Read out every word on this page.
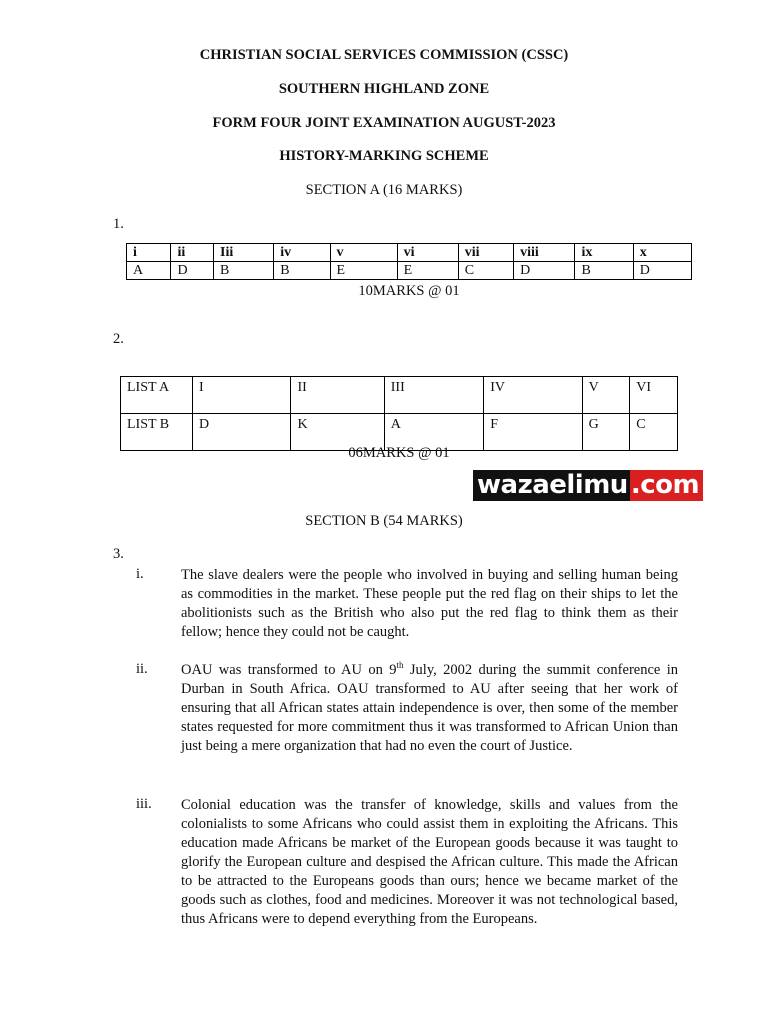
CHRISTIAN SOCIAL SERVICES COMMISSION (CSSC)
SOUTHERN HIGHLAND ZONE
FORM FOUR JOINT EXAMINATION AUGUST-2023
HISTORY-MARKING SCHEME
SECTION A (16 MARKS)
1.
i	ii	Iii	iv	v	vi	vii	viii	ix	x
A	D	B	B	E	E	C	D	B	D
10MARKS @ 01
2.
LIST A	I	II	III	IV	V	VI
LIST B	D	K	A	F	G	C
06MARKS @ 01
wazaelimu .com
SECTION B (54 MARKS)
3.
i.	The slave dealers were the people who involved in buying and selling human being as commodities in the market. These people put the red flag on their ships to let the abolitionists such as the British who also put the red flag to think them as their fellow; hence they could not be caught.
ii. OAU was transformed to AU on 9th July, 2002 during the summit conference in Durban in South Africa. OAU transformed to AU after seeing that her work of ensuring that all African states attain independence is over, then some of the member states requested for more commitment thus it was transformed to African Union than just being a mere organization that had no even the court of Justice.
iii. Colonial education was the transfer of knowledge, skills and values from the colonialists to some Africans who could assist them in exploiting the Africans. This education made Africans be market of the European goods because it was taught to glorify the European culture and despised the African culture. This made the African to be attracted to the Europeans goods than ours; hence we became market of the goods such as clothes, food and medicines. Moreover it was not technological based, thus Africans were to depend everything from the Europeans.
